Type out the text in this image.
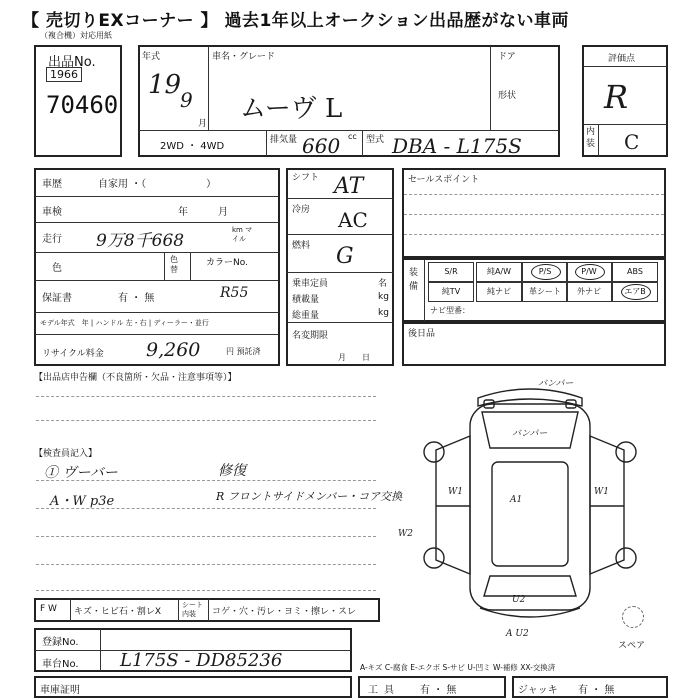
【 売切りEXコーナー 】 過去1年以上オークション出品歴がない車両
（複合機）対応用紙
出品No.
1966
70460
年式
19
9
月
車名・グレード
ムーヴ L
ドア
形状
2WD ・ 4WD
排気量 660 cc 型式 DBA - L175S
評価点
R
内装 C
車歴	自家用 ・（　　　　　　）
車検	年　　　月
走行 9万8千668
km マイル
色
色替
カラーNo.
保証書	有 ・ 無	R55
モデル年式　年 | ハンドル 左・右 | ディーラー・並行
リサイクル料金 9,260	円 預託済
シフト AT
冷房 AC
燃料 G
乗車定員	名
積載量	kg
総重量	kg
名変期限
月　　日
セールスポイント
装備
S/R	純A/W	P/S	P/W	ABS
純TV	純ナビ	革シート	外ナビ	エアB
ナビ型番：
後日品
【出品店申告欄（不良箇所・欠品・注意事項等）】
【検査員記入】
① ヴーバー
A・W p3e
修復
R フロントサイドメンバー・コア交換
バンパー
バンパー
W1	W1
A1
U2
A U2
W2
スペア
F W キズ・ヒビ石・割レX
シート内装	コゲ・穴・汚レ・ヨミ・擦レ・スレ
登録No.
車台No. L175S - DD85236	A-キズ C-腐食 E-エクボ S-サビ U-凹ミ W-補修 XX-交換済
車庫証明	工具 有 ・ 無	ジャッキ 有 ・ 無
